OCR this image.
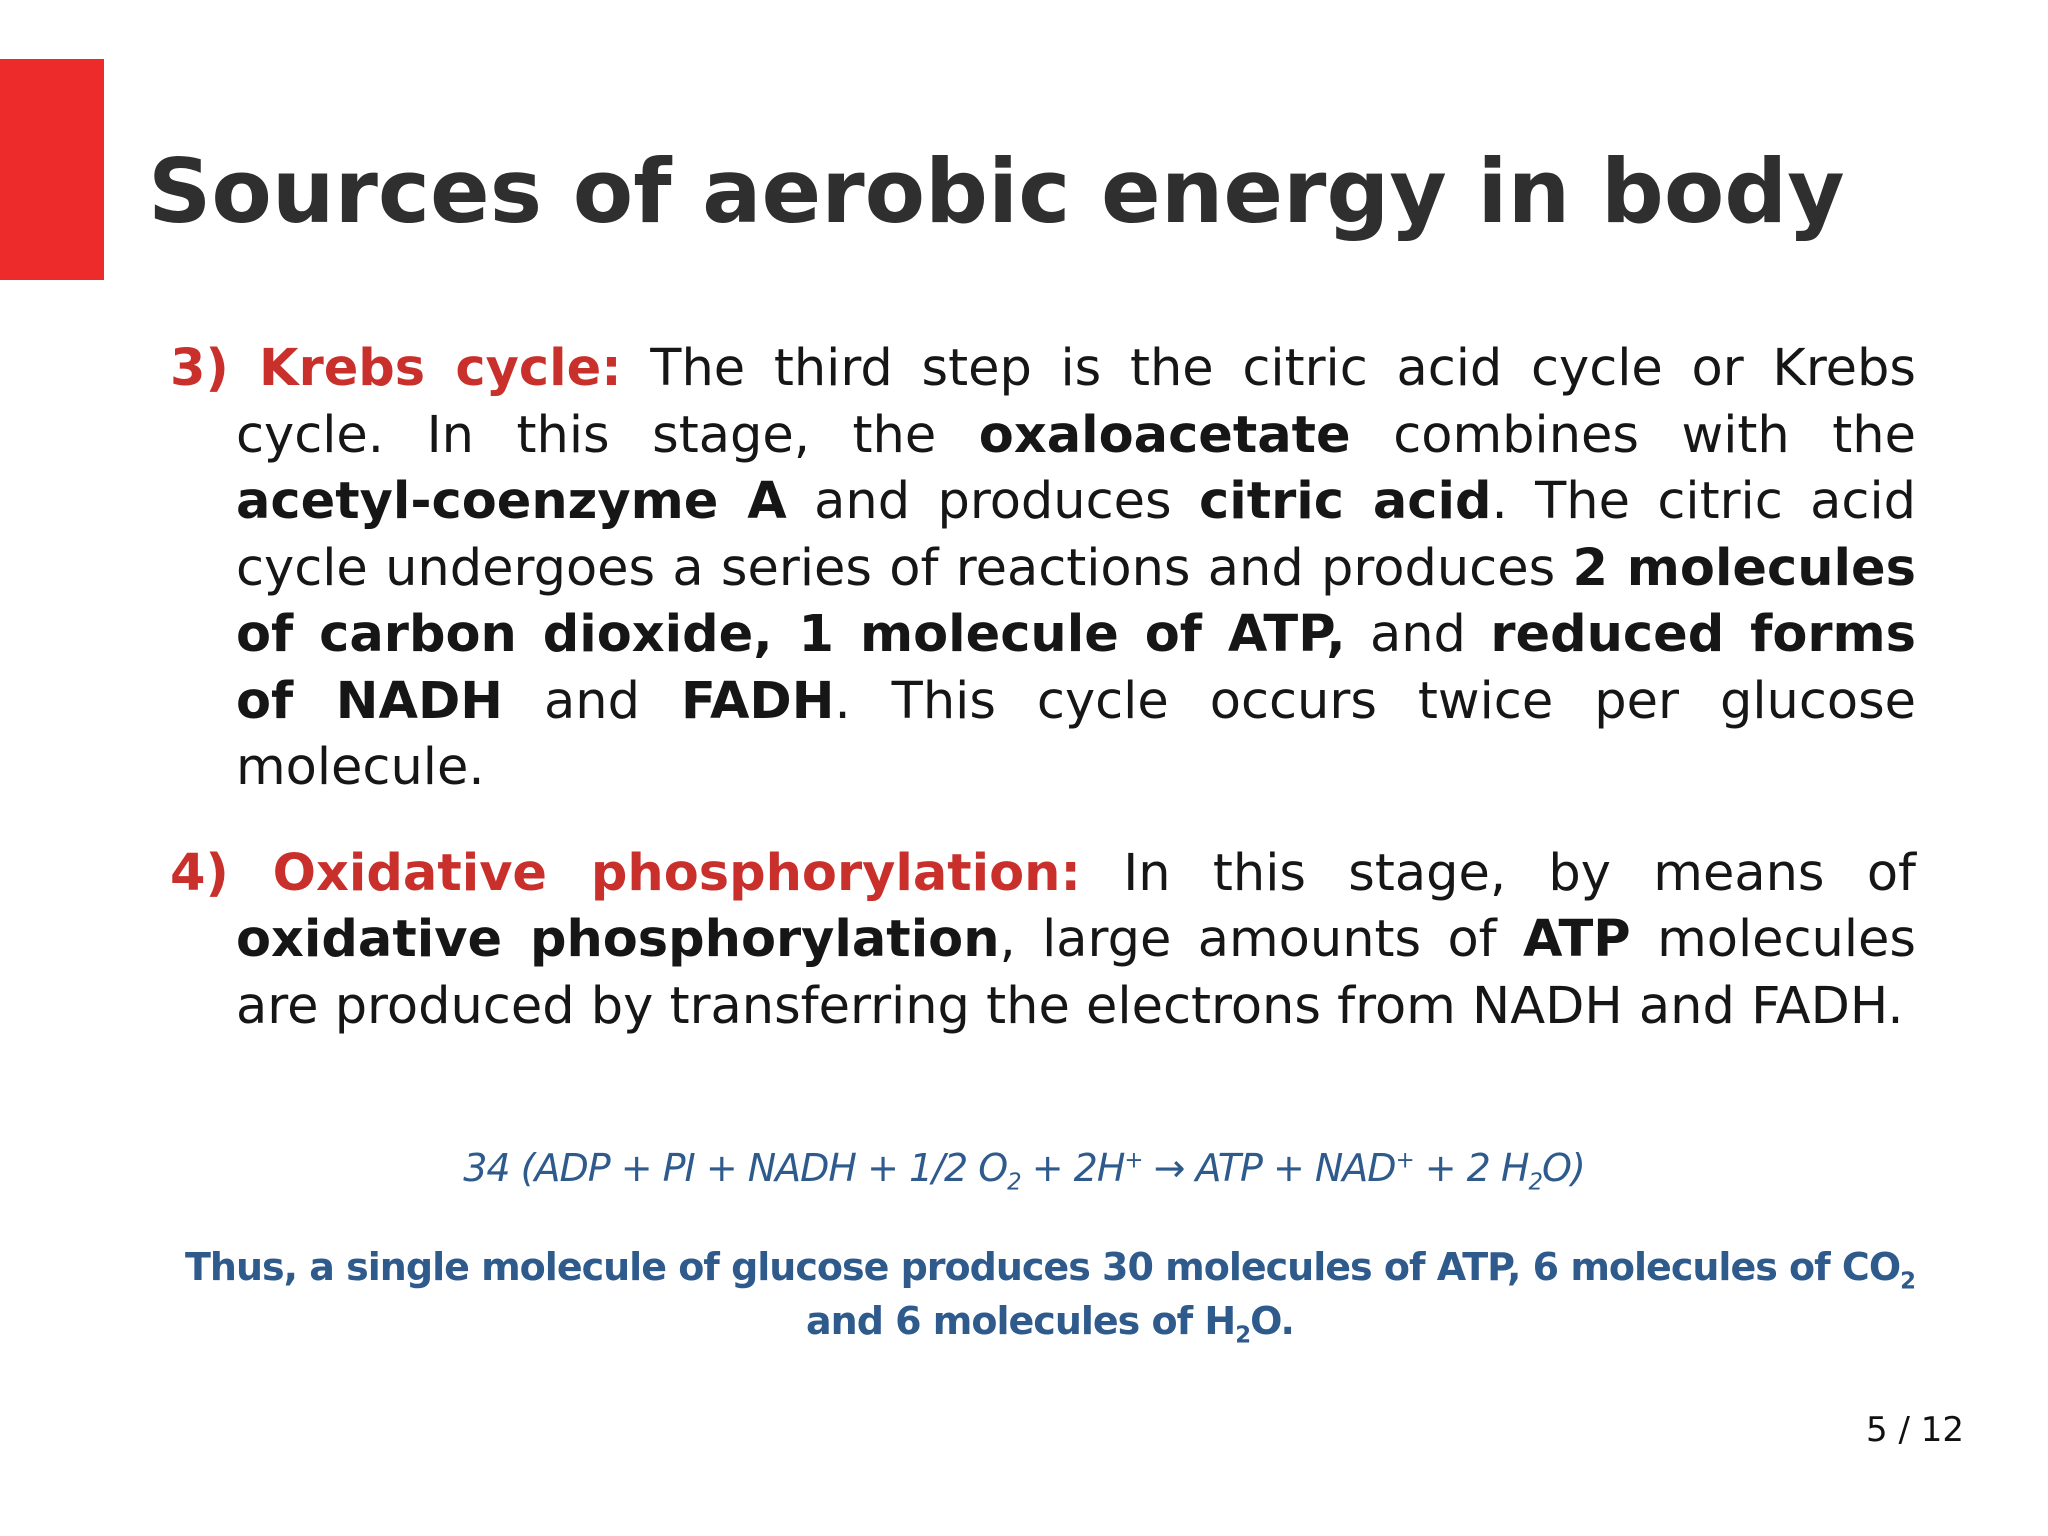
Sources of aerobic energy in body

3) Krebs cycle: The third step is the citric acid cycle or Krebs cycle. In this stage, the oxaloacetate combines with the acetyl-coenzyme A and produces citric acid. The citric acid cycle undergoes a series of reactions and produces 2 molecules of carbon dioxide, 1 molecule of ATP, and reduced forms of NADH and FADH. This cycle occurs twice per glucose molecule.

4) Oxidative phosphorylation: In this stage, by means of oxidative phosphorylation, large amounts of ATP molecules are produced by transferring the electrons from NADH and FADH.

34 (ADP + PI + NADH + 1/2 $O_2 + 2H^+$ → ATP + NAD+ + 2 $H_2O$)
Thus, a single molecule of glucose produces 30 molecules of ATP, 6 molecules of $CO_2$ and 6 molecules of $H_2O$.
5 / 12
